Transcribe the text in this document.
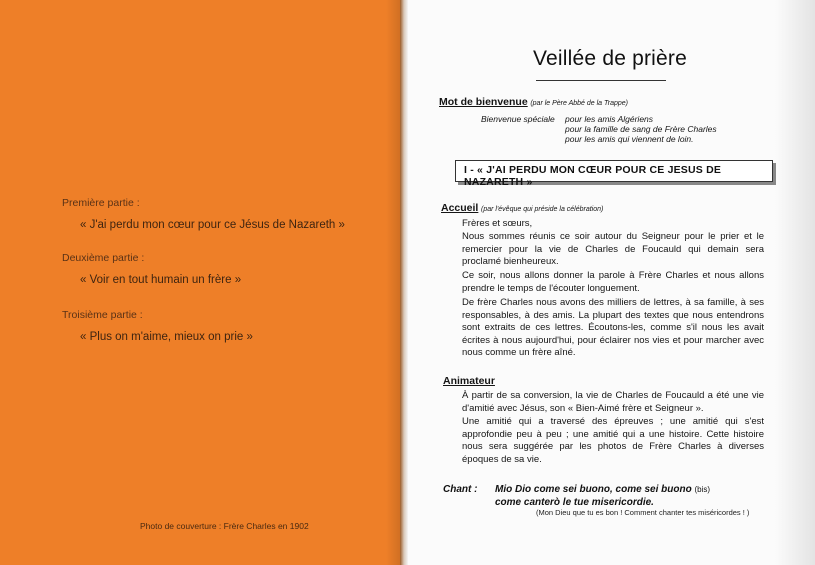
Première partie :
« J'ai perdu mon cœur pour ce Jésus de Nazareth »
Deuxième partie :
« Voir en tout humain un frère »
Troisième partie :
« Plus on m'aime, mieux on prie »
Photo de couverture : Frère Charles en 1902
Veillée de prière
Mot de bienvenue (par le Père Abbé de la Trappe)
Bienvenue spéciale pour les amis Algériens
pour la famille de sang de Frère Charles
pour les amis qui viennent de loin.
I - « J'AI PERDU MON CŒUR POUR CE JESUS DE NAZARETH »
Accueil (par l'évêque qui préside la célébration)
Frères et sœurs,
Nous sommes réunis ce soir autour du Seigneur pour le prier et le remercier pour la vie de Charles de Foucauld qui demain sera proclamé bienheureux.
Ce soir, nous allons donner la parole à Frère Charles et nous allons prendre le temps de l'écouter longuement.
De frère Charles nous avons des milliers de lettres, à sa famille, à ses responsables, à des amis. La plupart des textes que nous entendrons sont extraits de ces lettres. Écoutons-les, comme s'il nous les avait écrites à nous aujourd'hui, pour éclairer nos vies et pour marcher avec nous comme un frère aîné.
Animateur
À partir de sa conversion, la vie de Charles de Foucauld a été une vie d'amitié avec Jésus, son « Bien-Aimé frère et Seigneur ».
Une amitié qui a traversé des épreuves ; une amitié qui s'est approfondie peu à peu ; une amitié qui a une histoire. Cette histoire nous sera suggérée par les photos de Frère Charles à diverses époques de sa vie.
Chant : Mio Dio come sei buono, come sei buono (bis)
come canterò le tue misericordie.
(Mon Dieu que tu es bon ! Comment chanter tes miséricordes ! )
